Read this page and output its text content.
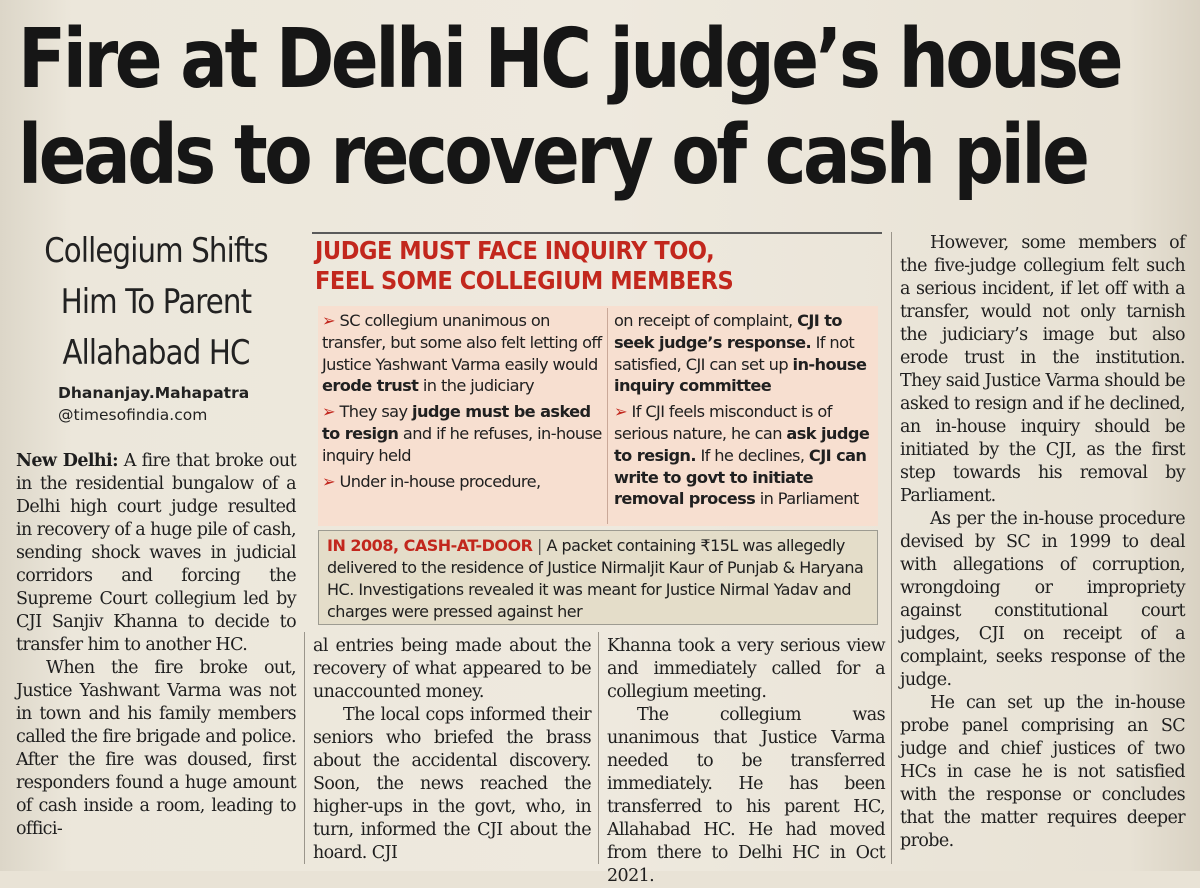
Fire at Delhi HC judge’s house
leads to recovery of cash pile
Collegium Shifts
Him To Parent
Allahabad HC
Dhananjay.Mahapatra
@timesofindia.com

New Delhi: A fire that broke out in the residential bungalow of a Delhi high court judge resulted in recovery of a huge pile of cash, sending shock waves in judicial corridors and forcing the Supreme Court collegium led by CJI Sanjiv Khanna to decide to transfer him to another HC.

When the fire broke out, Justice Yashwant Varma was not in town and his family members called the fire brigade and police. After the fire was doused, first responders found a huge amount of cash inside a room, leading to offici-

al entries being made about the recovery of what appeared to be unaccounted money.

The local cops informed their seniors who briefed the brass about the accidental discovery. Soon, the news reached the higher-ups in the govt, who, in turn, informed the CJI about the hoard. CJI

Khanna took a very serious view and immediately called for a collegium meeting.

The collegium was unanimous that Justice Varma needed to be transferred immediately. He has been transferred to his parent HC, Allahabad HC. He had moved from there to Delhi HC in Oct 2021.

However, some members of the five-judge collegium felt such a serious incident, if let off with a transfer, would not only tarnish the judiciary’s image but also erode trust in the institution. They said Justice Varma should be asked to resign and if he declined, an in-house inquiry should be initiated by the CJI, as the first step towards his removal by Parliament.

As per the in-house procedure devised by SC in 1999 to deal with allegations of corruption, wrongdoing or impropriety against constitutional court judges, CJI on receipt of a complaint, seeks response of the judge.

He can set up the in-house probe panel comprising an SC judge and chief justices of two HCs in case he is not satisfied with the response or concludes that the matter requires deeper probe.

JUDGE MUST FACE INQUIRY TOO,
FEEL SOME COLLEGIUM MEMBERS

➢ SC collegium unanimous on transfer, but some also felt letting off Justice Yashwant Varma easily would erode trust in the judiciary

➢ They say judge must be asked to resign and if he refuses, in-house inquiry held

➢ Under in-house procedure,

on receipt of complaint, CJI to seek judge’s response. If not satisfied, CJI can set up in-house inquiry committee

➢ If CJI feels misconduct is of serious nature, he can ask judge to resign. If he declines, CJI can write to govt to initiate removal process in Parliament

IN 2008, CASH-AT-DOOR | A packet containing ₹15L was allegedly delivered to the residence of Justice Nirmaljit Kaur of Punjab & Haryana HC. Investigations revealed it was meant for Justice Nirmal Yadav and charges were pressed against her
